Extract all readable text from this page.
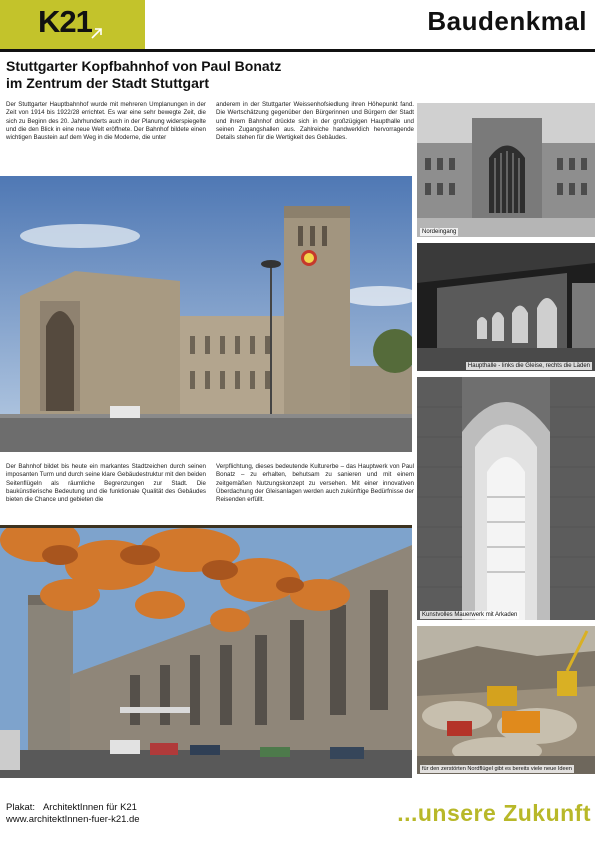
K21	Baudenkmal
Stuttgarter Kopfbahnhof von Paul Bonatz
im Zentrum der Stadt Stuttgart
Der Stuttgarter Hauptbahnhof wurde mit mehreren Umplanungen in der Zeit von 1914 bis 1922/28 errichtet. Es war eine sehr bewegte Zeit, die sich zu Beginn des 20. Jahrhunderts auch in der Planung widerspiegelte und die den Blick in eine neue Welt eröffnete. Der Bahnhof bildete einen wichtigen Baustein auf dem Weg in die Moderne, die unter
anderem in der Stuttgarter Weissenhofsiedlung ihren Höhepunkt fand. Die Wertschätzung gegenüber den Bürgerinnen und Bürgern der Stadt und ihrem Bahnhof drückte sich in der großzügigen Haupthalle und seinen Zugangshallen aus. Zahlreiche handwerklich hervorragende Details stehen für die Wertigkeit des Gebäudes.
Der Bahnhof bildet bis heute ein markantes Stadtzeichen durch seinen imposanten Turm und durch seine klare Gebäudestruktur mit den beiden Seitenflügeln als räumliche Begrenzungen zur Stadt. Die baukünstlerische Bedeutung und die funktionale Qualität des Gebäudes bieten die Chance und gebieten die
Verpflichtung, dieses bedeutende Kulturerbe – das Hauptwerk von Paul Bonatz – zu erhalten, behutsam zu sanieren und mit einem zeitgemäßen Nutzungskonzept zu versehen. Mit einer innovativen Überdachung der Gleisanlagen werden auch zukünftige Bedürfnisse der Reisenden erfüllt.
Nordeingang
Haupthalle - links die Gleise, rechts die Läden
Kunstvolles Mauerwerk mit Arkaden
für den zerstörten Nordflügel gibt es bereits viele neue Ideen
Plakat: ArchitektInnen für K21
www.architektInnen-fuer-k21.de	...unsere Zukunft
